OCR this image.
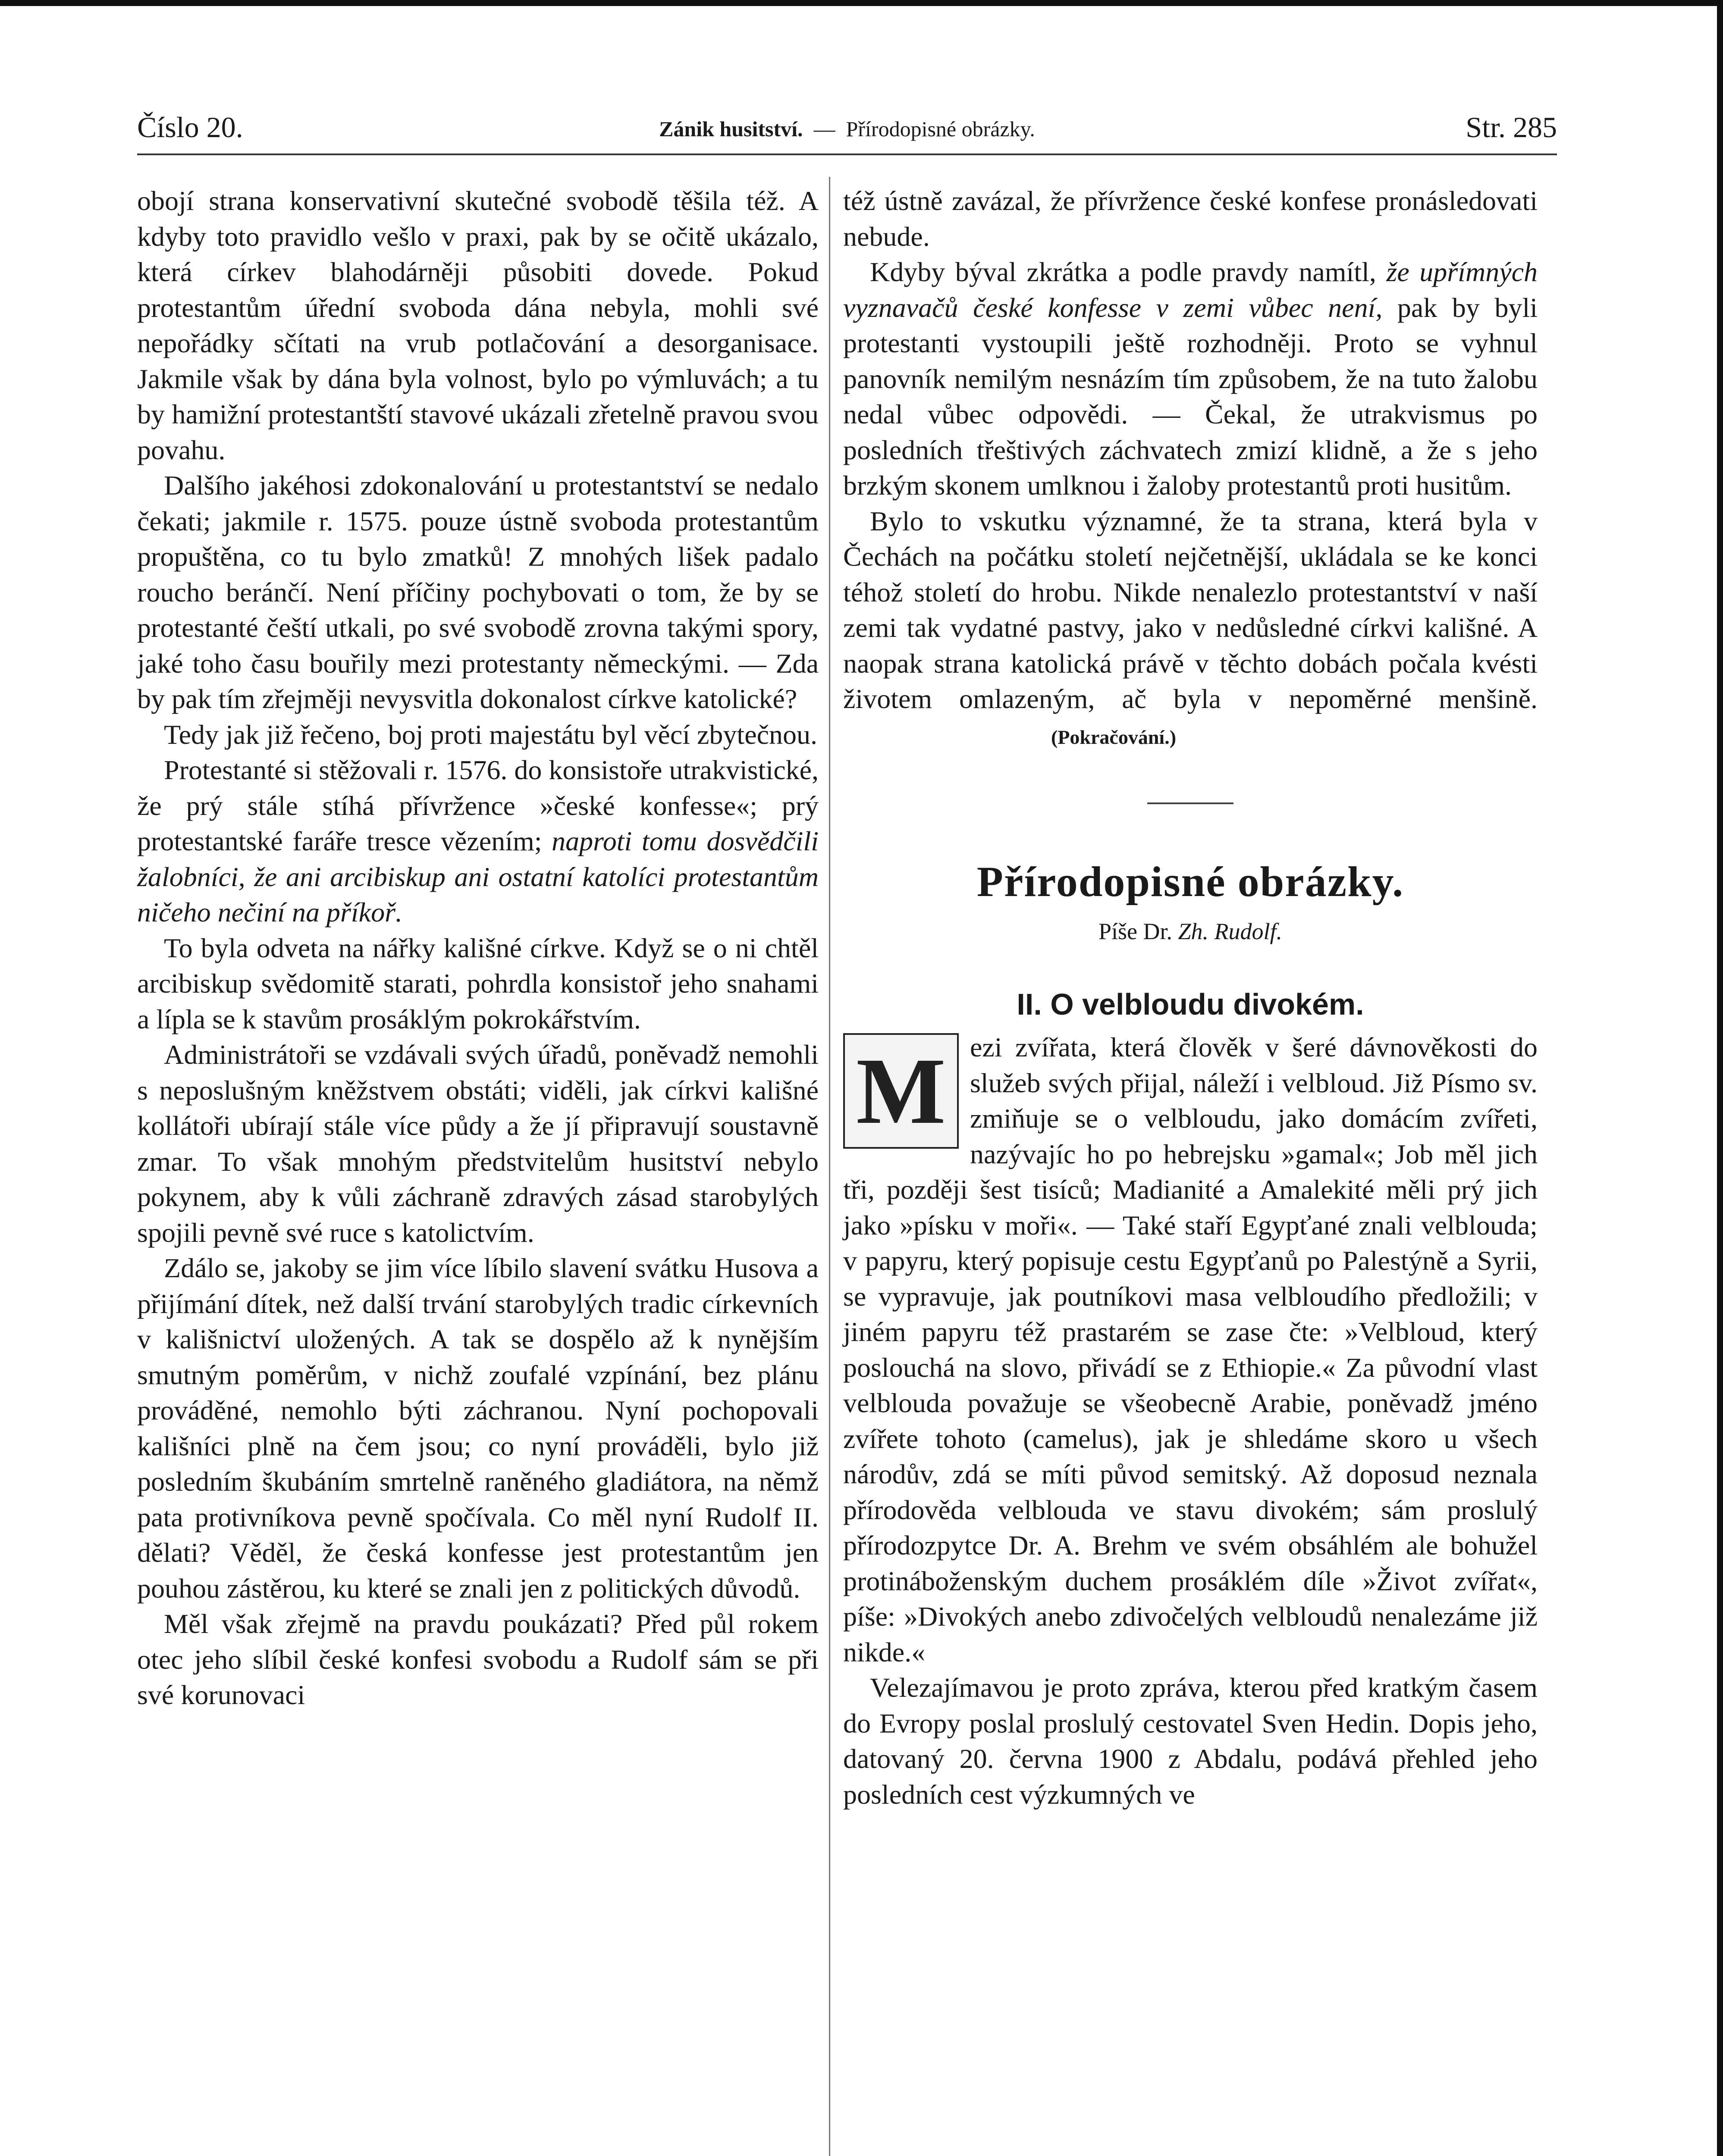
Číslo 20.	Zánik husitství. — Přírodopisné obrázky.	Str. 285

obojí strana konservativní skutečné svobodě těšila též. A kdyby toto pravidlo vešlo v praxi, pak by se očitě ukázalo, která církev blahodárněji působiti dovede. Pokud protestantům úřední svoboda dána nebyla, mohli své nepořádky sčítati na vrub potlačování a desorganisace. Jakmile však by dána byla volnost, bylo po výmluvách; a tu by hamižní protestantští stavové ukázali zřetelně pravou svou povahu.

Dalšího jakéhosi zdokonalování u protestantství se nedalo čekati; jakmile r. 1575. pouze ústně svoboda protestantům propuštěna, co tu bylo zmatků! Z mnohých lišek padalo roucho beránčí. Není příčiny pochybovati o tom, že by se protestanté čeští utkali, po své svobodě zrovna takými spory, jaké toho času bouřily mezi protestanty německými. — Zda by pak tím zřejměji nevysvitla dokonalost církve katolické?

Tedy jak již řečeno, boj proti majestátu byl věcí zbytečnou.

Protestanté si stěžovali r. 1576. do konsistoře utrakvistické, že prý stále stíhá přívržence »české konfesse«; prý protestantské faráře tresce vězením; naproti tomu dosvědčili žalobníci, že ani arcibiskup ani ostatní katolíci protestantům ničeho nečiní na příkoř.

To byla odveta na nářky kališné církve. Když se o ni chtěl arcibiskup svědomitě starati, pohrdla konsistoř jeho snahami a lípla se k stavům prosáklým pokrokářstvím.

Administrátoři se vzdávali svých úřadů, poněvadž nemohli s neposlušným kněžstvem obstáti; viděli, jak církvi kališné kollátoři ubírají stále více půdy a že jí připravují soustavně zmar. To však mnohým předstvitelům husitství nebylo pokynem, aby k vůli záchraně zdravých zásad starobylých spojili pevně své ruce s katolictvím.

Zdálo se, jakoby se jim více líbilo slavení svátku Husova a přijímání dítek, než další trvání starobylých tradic církevních v kališnictví uložených. A tak se dospělo až k nynějším smutným poměrům, v nichž zoufalé vzpínání, bez plánu prováděné, nemohlo býti záchranou. Nyní pochopovali kališníci plně na čem jsou; co nyní prováděli, bylo již posledním škubáním smrtelně raněného gladiátora, na němž pata protivníkova pevně spočívala. Co měl nyní Rudolf II. dělati? Věděl, že česká konfesse jest protestantům jen pouhou zástěrou, ku které se znali jen z politických důvodů.

Měl však zřejmě na pravdu poukázati? Před půl rokem otec jeho slíbil české konfesi svobodu a Rudolf sám se při své korunovaci

též ústně zavázal, že přívržence české konfese pronásledovati nebude.

Kdyby býval zkrátka a podle pravdy namítl, že upřímných vyznavačů české konfesse v zemi vůbec není, pak by byli protestanti vystoupili ještě rozhodněji. Proto se vyhnul panovník nemilým nesnázím tím způsobem, že na tuto žalobu nedal vůbec odpovědi. — Čekal, že utrakvismus po posledních třeštivých záchvatech zmizí klidně, a že s jeho brzkým skonem umlknou i žaloby protestantů proti husitům.

Bylo to vskutku významné, že ta strana, která byla v Čechách na počátku století nejčetnější, ukládala se ke konci téhož století do hrobu. Nikde nenalezlo protestantství v naší zemi tak vydatné pastvy, jako v nedůsledné církvi kališné. A naopak strana katolická právě v těchto dobách počala kvésti životem omlazeným, ač byla v nepoměrné menšině.(Pokračování.)

Přírodopisné obrázky.
Píše Dr. Zh. Rudolf.
II. O velbloudu divokém.

M ezi zvířata, která člověk v šeré dávnověkosti do služeb svých přijal, náleží i velbloud. Již Písmo sv. zmiňuje se o velbloudu, jako domácím zvířeti, nazývajíc ho po hebrejsku »gamal«; Job měl jich tři, později šest tisíců; Madianité a Amalekité měli prý jich jako »písku v moři«. — Také staří Egypťané znali velblouda; v papyru, který popisuje cestu Egypťanů po Palestýně a Syrii, se vypravuje, jak poutníkovi masa velbloudího předložili; v jiném papyru též prastarém se zase čte: »Velbloud, který poslouchá na slovo, přivádí se z Ethiopie.« Za původní vlast velblouda považuje se všeobecně Arabie, poněvadž jméno zvířete tohoto (camelus), jak je shledáme skoro u všech národův, zdá se míti původ semitský. Až doposud neznala přírodověda velblouda ve stavu divokém; sám proslulý přírodozpytce Dr. A. Brehm ve svém obsáhlém ale bohužel protináboženským duchem prosáklém díle »Život zvířat«, píše: »Divokých anebo zdivočelých velbloudů nenalezáme již nikde.«

Velezajímavou je proto zpráva, kterou před kratkým časem do Evropy poslal proslulý cestovatel Sven Hedin. Dopis jeho, datovaný 20. června 1900 z Abdalu, podává přehled jeho posledních cest výzkumných ve
